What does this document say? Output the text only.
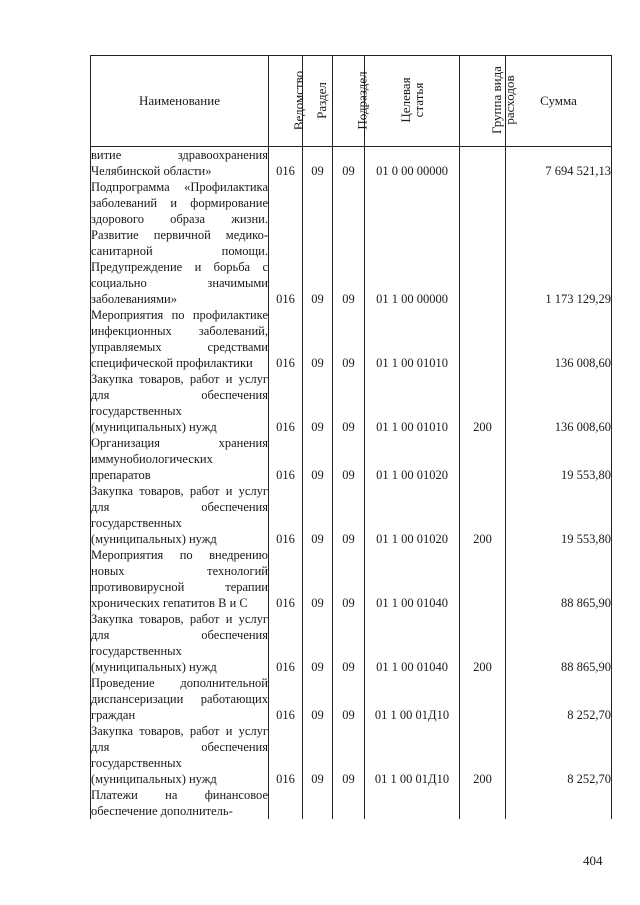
Наименование	Ведомство	Раздел	Подраздел	Целевая статья	Группа вида расходов	Сумма
витие здравоохранения Челябинской области»	016	09	09	01 0 00 00000		7 694 521,13
Подпрограмма «Профилактика заболеваний и формирование здорового образа жизни. Развитие первичной медико-санитарной помощи. Предупреждение и борьба с социально значимыми заболеваниями»	016	09	09	01 1 00 00000		1 173 129,29
Мероприятия по профилактике инфекционных заболеваний, управляемых средствами специфической профилактики	016	09	09	01 1 00 01010		136 008,60
Закупка товаров, работ и услуг для обеспечения государственных (муниципальных) нужд	016	09	09	01 1 00 01010	200	136 008,60
Организация хранения иммунобиологических препаратов	016	09	09	01 1 00 01020		19 553,80
Закупка товаров, работ и услуг для обеспечения государственных (муниципальных) нужд	016	09	09	01 1 00 01020	200	19 553,80
Мероприятия по внедрению новых технологий противовирусной терапии хронических гепатитов В и С	016	09	09	01 1 00 01040		88 865,90
Закупка товаров, работ и услуг для обеспечения государственных (муниципальных) нужд	016	09	09	01 1 00 01040	200	88 865,90
Проведение дополнительной диспансеризации работающих граждан	016	09	09	01 1 00 01Д10		8 252,70
Закупка товаров, работ и услуг для обеспечения государственных (муниципальных) нужд	016	09	09	01 1 00 01Д10	200	8 252,70
Платежи на финансовое обеспечение дополнитель-						
404
